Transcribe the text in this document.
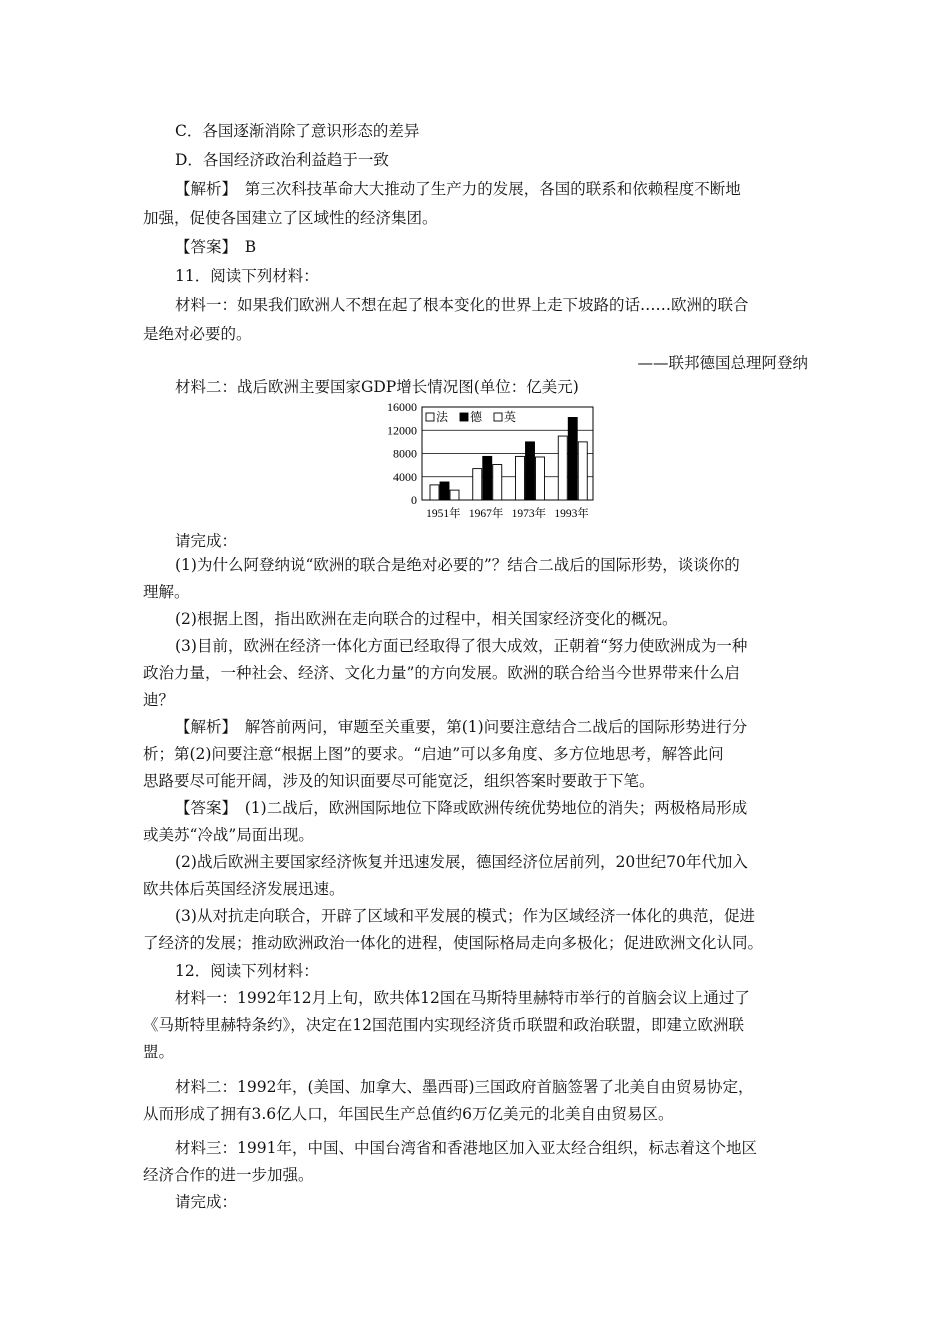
C．各国逐渐消除了意识形态的差异
D．各国经济政治利益趋于一致
【解析】　第三次科技革命大大推动了生产力的发展，各国的联系和依赖程度不断地
加强，促使各国建立了区域性的经济集团。
【答案】　B
11．阅读下列材料：
材料一：如果我们欧洲人不想在起了根本变化的世界上走下坡路的话……欧洲的联合
是绝对必要的。
——联邦德国总理阿登纳
材料二：战后欧洲主要国家GDP增长情况图(单位：亿美元)
请完成：
(1)为什么阿登纳说“欧洲的联合是绝对必要的”？结合二战后的国际形势，谈谈你的
理解。
(2)根据上图，指出欧洲在走向联合的过程中，相关国家经济变化的概况。
(3)目前，欧洲在经济一体化方面已经取得了很大成效，正朝着“努力使欧洲成为一种
政治力量，一种社会、经济、文化力量”的方向发展。欧洲的联合给当今世界带来什么启
迪？
【解析】　解答前两问，审题至关重要，第(1)问要注意结合二战后的国际形势进行分
析；第(2)问要注意“根据上图”的要求。“启迪”可以多角度、多方位地思考，解答此问
思路要尽可能开阔，涉及的知识面要尽可能宽泛，组织答案时要敢于下笔。
【答案】　(1)二战后，欧洲国际地位下降或欧洲传统优势地位的消失；两极格局形成
或美苏“冷战”局面出现。
(2)战后欧洲主要国家经济恢复并迅速发展，德国经济位居前列，20世纪70年代加入
欧共体后英国经济发展迅速。
(3)从对抗走向联合，开辟了区域和平发展的模式；作为区域经济一体化的典范，促进
了经济的发展；推动欧洲政治一体化的进程，使国际格局走向多极化；促进欧洲文化认同。
12．阅读下列材料：
材料一：1992年12月上旬，欧共体12国在马斯特里赫特市举行的首脑会议上通过了
《马斯特里赫特条约》，决定在12国范围内实现经济货币联盟和政治联盟，即建立欧洲联
盟。
材料二：1992年，(美国、加拿大、墨西哥)三国政府首脑签署了北美自由贸易协定，
从而形成了拥有3.6亿人口，年国民生产总值约6万亿美元的北美自由贸易区。
材料三：1991年，中国、中国台湾省和香港地区加入亚太经合组织，标志着这个地区
经济合作的进一步加强。
请完成：
16000
12000
8000
4000
0
法 德 英
1951年 1967年 1973年 1993年
